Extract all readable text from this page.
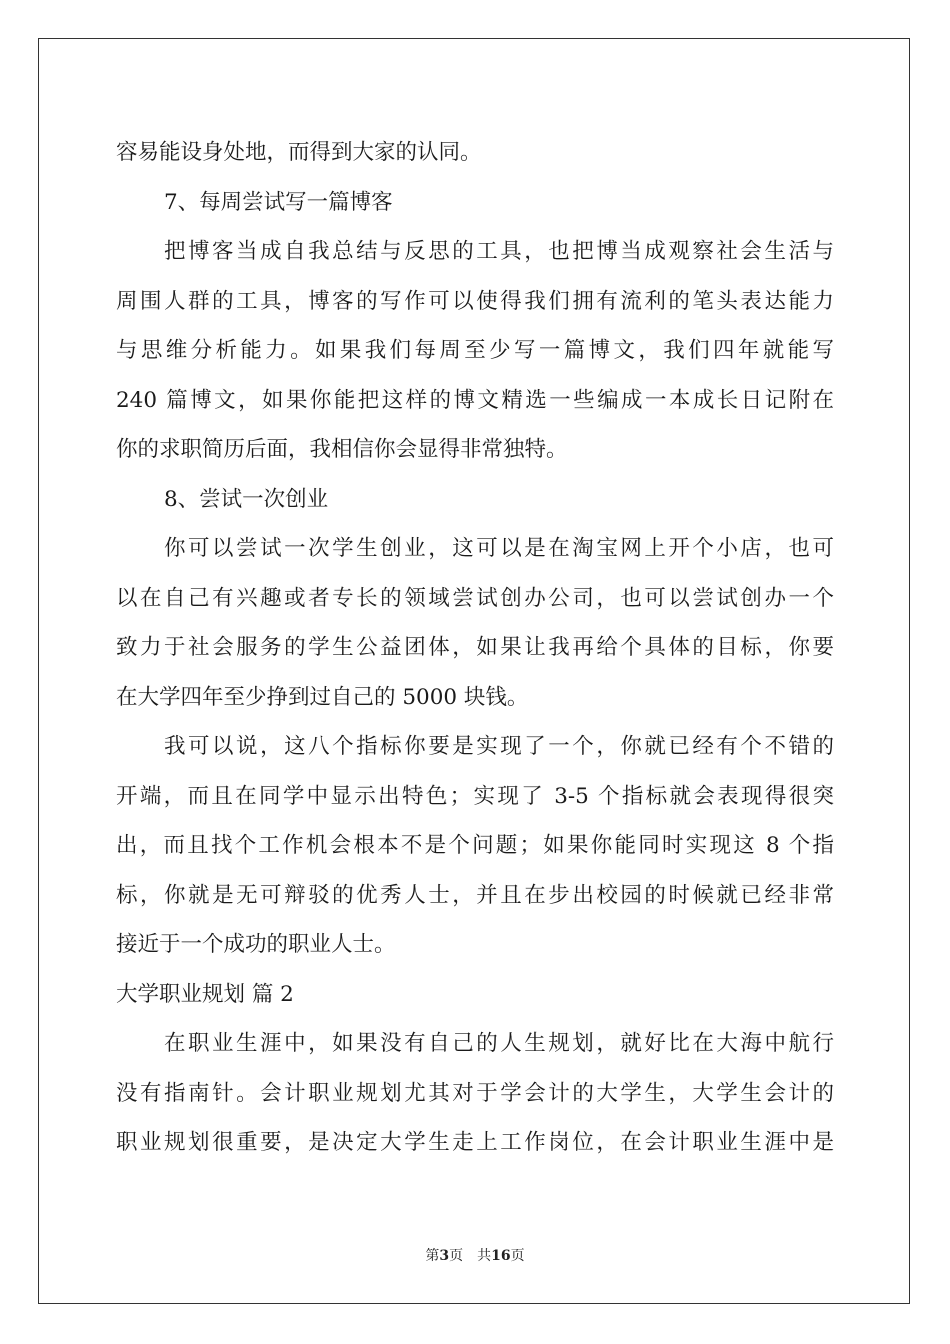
容易能设身处地，而得到大家的认同。
7、每周尝试写一篇博客
把博客当成自我总结与反思的工具，也把博当成观察社会生活与
周围人群的工具，博客的写作可以使得我们拥有流利的笔头表达能力
与思维分析能力。如果我们每周至少写一篇博文，我们四年就能写
240 篇博文，如果你能把这样的博文精选一些编成一本成长日记附在
你的求职简历后面，我相信你会显得非常独特。
8、尝试一次创业
你可以尝试一次学生创业，这可以是在淘宝网上开个小店，也可
以在自己有兴趣或者专长的领域尝试创办公司，也可以尝试创办一个
致力于社会服务的学生公益团体，如果让我再给个具体的目标，你要
在大学四年至少挣到过自己的 5000 块钱。
我可以说，这八个指标你要是实现了一个，你就已经有个不错的
开端，而且在同学中显示出特色；实现了 3-5 个指标就会表现得很突
出，而且找个工作机会根本不是个问题；如果你能同时实现这 8 个指
标，你就是无可辩驳的优秀人士，并且在步出校园的时候就已经非常
接近于一个成功的职业人士。
大学职业规划 篇 2
在职业生涯中，如果没有自己的人生规划，就好比在大海中航行
没有指南针。会计职业规划尤其对于学会计的大学生，大学生会计的
职业规划很重要，是决定大学生走上工作岗位，在会计职业生涯中是
第3页 共16页
